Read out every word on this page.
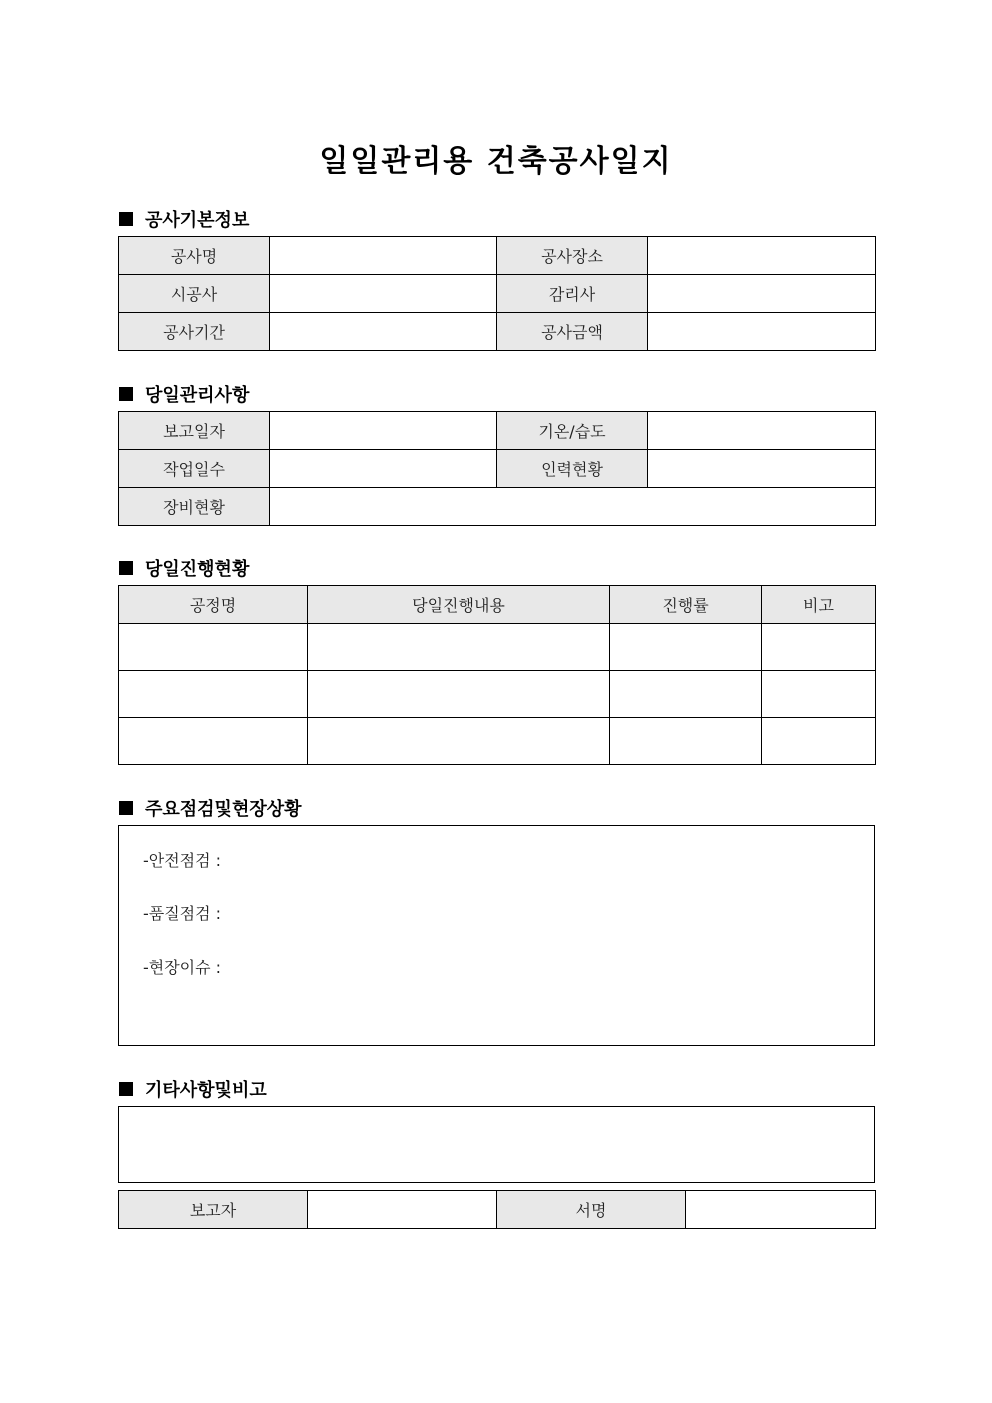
일일관리용 건축공사일지
공사기본정보
공사명		공사장소	
시공사		감리사	
공사기간		공사금액	
당일관리사항
보고일자		기온/습도	
작업일수		인력현황	
장비현황			
당일진행현황
공정명	당일진행내용	진행률	비고

주요점검및현장상황
-안전점검 :
-품질점검 :
-현장이슈 :
기타사항및비고
보고자		서명	
